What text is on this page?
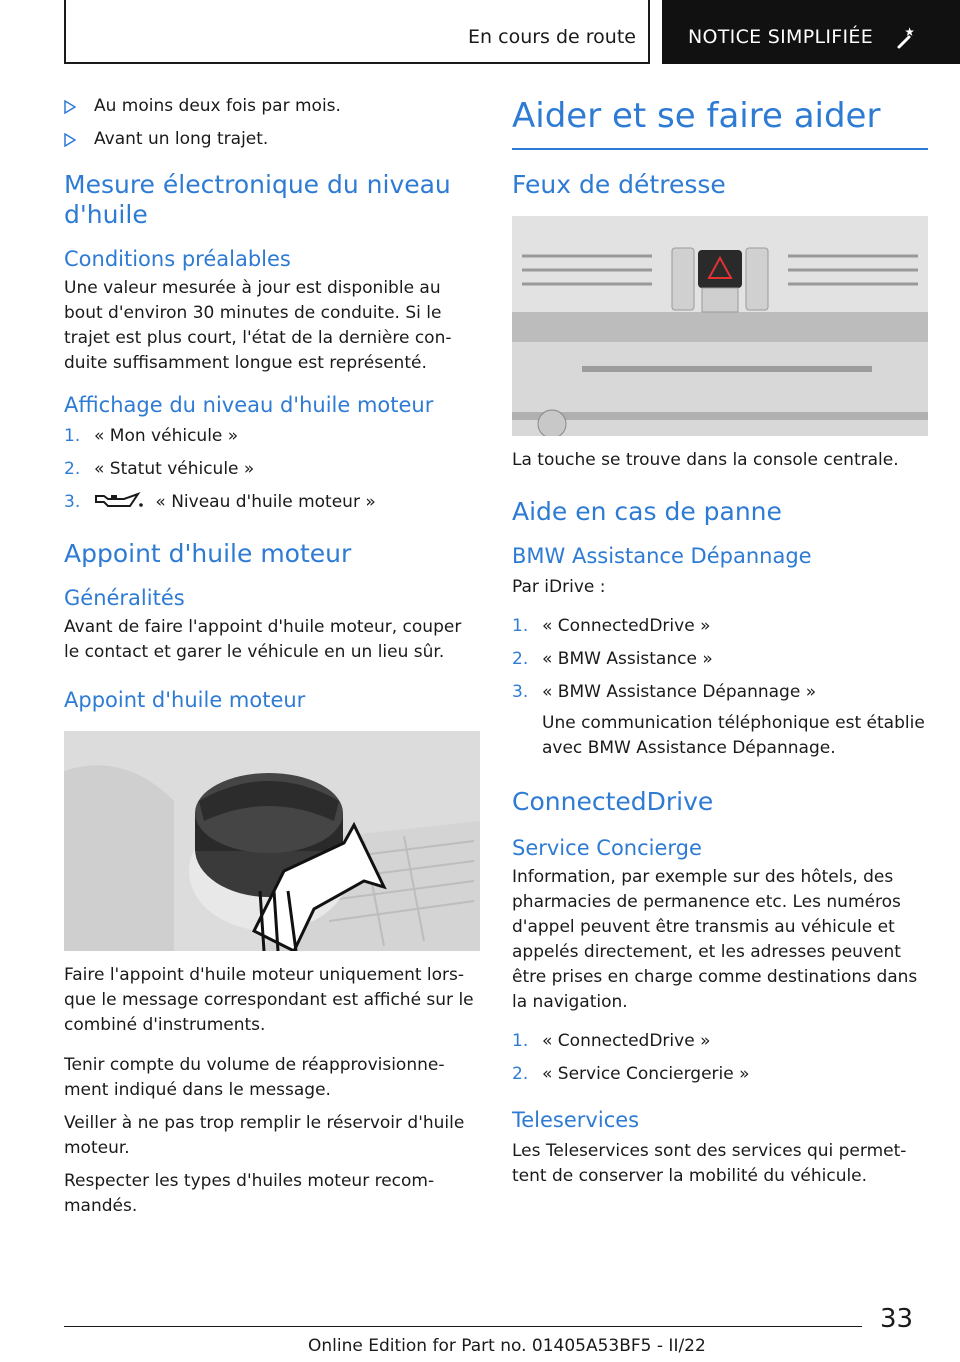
En cours de route	NOTICE SIMPLIFIÉE
Au moins deux fois par mois.
Avant un long trajet.
Mesure électronique du niveau d'huile
Conditions préalables

Une valeur mesurée à jour est disponible au bout d'environ 30 minutes de conduite. Si le trajet est plus court, l'état de la dernière conduite suffisamment longue est représenté.

Affichage du niveau d'huile moteur
1. « Mon véhicule »
2. « Statut véhicule »
3.	« Niveau d'huile moteur »
Appoint d'huile moteur
Généralités

Avant de faire l'appoint d'huile moteur, couper le contact et garer le véhicule en un lieu sûr.

Appoint d'huile moteur

Faire l'appoint d'huile moteur uniquement lorsque le message correspondant est affiché sur le combiné d'instruments.

Tenir compte du volume de réapprovisionnement indiqué dans le message.

Veiller à ne pas trop remplir le réservoir d'huile moteur.

Respecter les types d'huiles moteur recommandés.

Aider et se faire aider
Feux de détresse

La touche se trouve dans la console centrale.

Aide en cas de panne
BMW Assistance Dépannage

Par iDrive :

1. « ConnectedDrive »
2. « BMW Assistance »
3. « BMW Assistance Dépannage »

Une communication téléphonique est établie avec BMW Assistance Dépannage.

ConnectedDrive
Service Concierge

Information, par exemple sur des hôtels, des pharmacies de permanence etc. Les numéros d'appel peuvent être transmis au véhicule et appelés directement, et les adresses peuvent être prises en charge comme destinations dans la navigation.

1. « ConnectedDrive »
2. « Service Conciergerie »
Teleservices

Les Teleservices sont des services qui permettent de conserver la mobilité du véhicule.

33
Online Edition for Part no. 01405A53BF5 - II/22
